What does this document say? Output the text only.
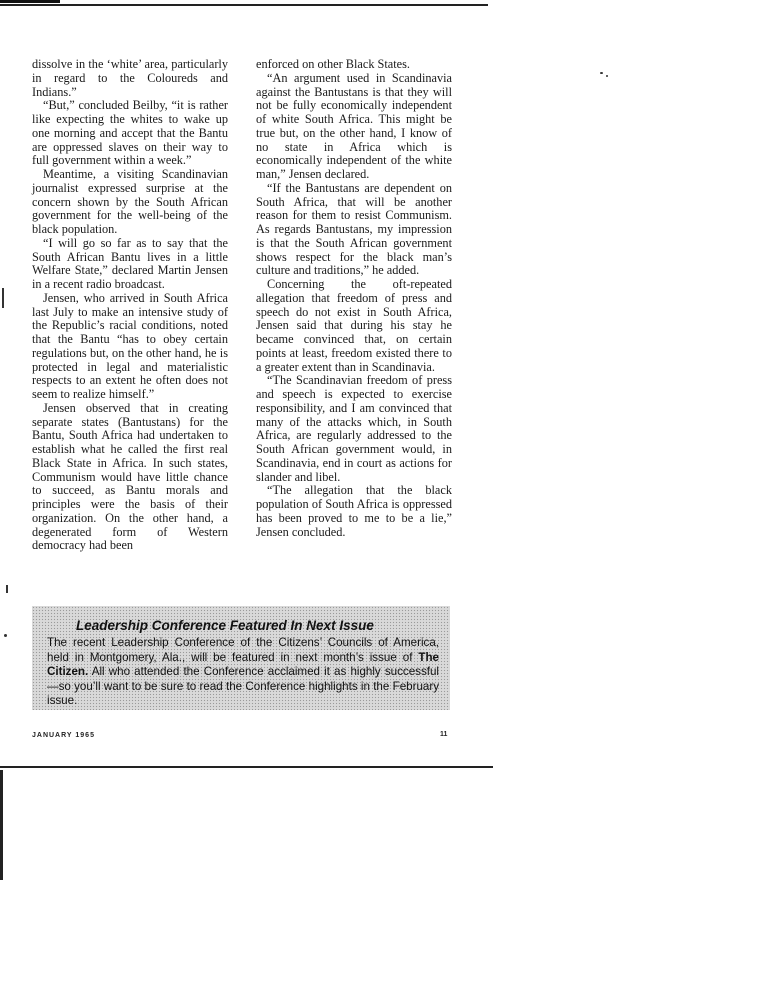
dissolve in the ‘white’ area, particularly in regard to the Coloureds and Indians.”

“But,” concluded Beilby, “it is rather like expecting the whites to wake up one morning and accept that the Bantu are oppressed slaves on their way to full government within a week.”

Meantime, a visiting Scandinavian journalist expressed surprise at the concern shown by the South African government for the well-being of the black population.

“I will go so far as to say that the South African Bantu lives in a little Welfare State,” declared Martin Jensen in a recent radio broadcast.

Jensen, who arrived in South Africa last July to make an intensive study of the Republic’s racial conditions, noted that the Bantu “has to obey certain regulations but, on the other hand, he is protected in legal and materialistic respects to an extent he often does not seem to realize himself.”

Jensen observed that in creating separate states (Bantustans) for the Bantu, South Africa had undertaken to establish what he called the first real Black State in Africa. In such states, Communism would have little chance to succeed, as Bantu morals and principles were the basis of their organization. On the other hand, a degenerated form of Western democracy had been

enforced on other Black States.

“An argument used in Scandinavia against the Bantustans is that they will not be fully economically independent of white South Africa. This might be true but, on the other hand, I know of no state in Africa which is economically independent of the white man,” Jensen declared.

“If the Bantustans are dependent on South Africa, that will be another reason for them to resist Communism. As regards Bantustans, my impression is that the South African government shows respect for the black man’s culture and traditions,” he added.

Concerning the oft-repeated allegation that freedom of press and speech do not exist in South Africa, Jensen said that during his stay he became convinced that, on certain points at least, freedom existed there to a greater extent than in Scandinavia.

“The Scandinavian freedom of press and speech is expected to exercise responsibility, and I am convinced that many of the attacks which, in South Africa, are regularly addressed to the South African government would, in Scandinavia, end in court as actions for slander and libel.

“The allegation that the black population of South Africa is oppressed has been proved to me to be a lie,” Jensen concluded.

Leadership Conference Featured In Next Issue
The recent Leadership Conference of the Citizens’ Councils of America, held in Montgomery, Ala., will be featured in next month’s issue of The Citizen. All who attended the Conference acclaimed it as highly successful—so you’ll want to be sure to read the Conference highlights in the February issue.
JANUARY 1965	11
